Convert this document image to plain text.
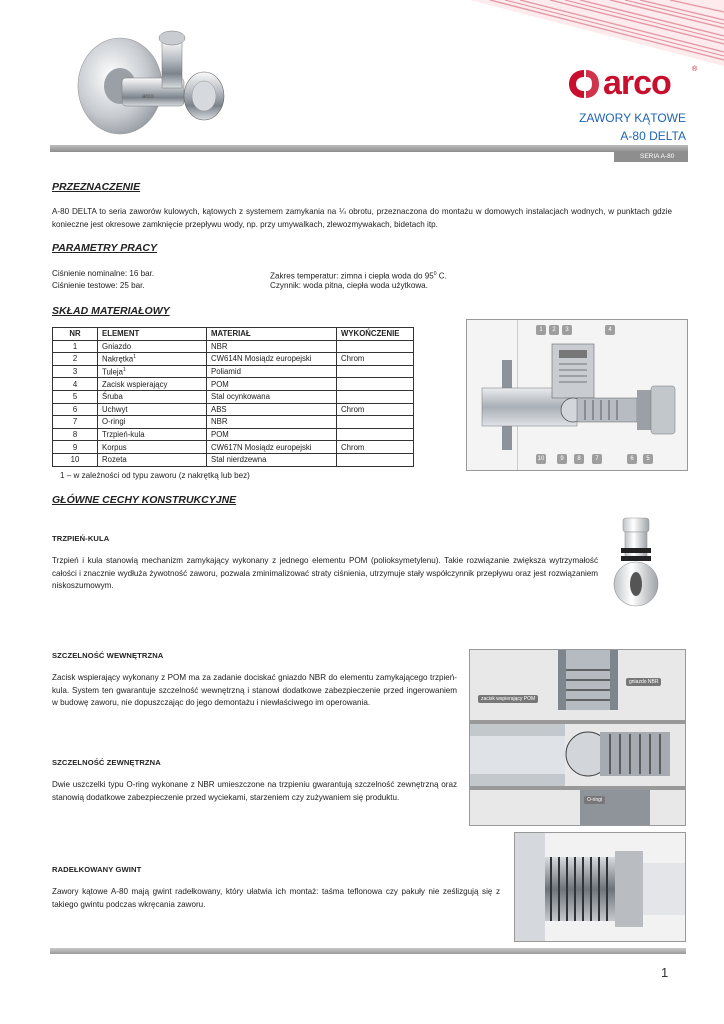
arco	arco	®
ZAWORY KĄTOWE
A-80 DELTA
SERIA A-80
PRZEZNACZENIE
A-80 DELTA to seria zaworów kulowych, kątowych z systemem zamykania na ¼ obrotu, przeznaczona do montażu w domowych instalacjach wodnych, w punktach gdzie konieczne jest okresowe zamknięcie przepływu wody, np. przy umywalkach, zlewozmywakach, bidetach itp.
PARAMETRY PRACY
Ciśnienie nominalne: 16 bar.
Ciśnienie testowe: 25 bar.
Zakres temperatur: zimna i ciepła woda do $95^0$ C.
Czynnik: woda pitna, ciepła woda użytkowa.
SKŁAD MATERIAŁOWY
NR	ELEMENT	MATERIAŁ	WYKOŃCZENIE
1	Gniazdo	NBR	
2	Nakrętka$^1$	CW614N Mosiądz europejski	Chrom
3	Tuleja$^1$	Poliamid	
4	Zacisk wspierający	POM	
5	Śruba	Stal ocynkowana	
6	Uchwyt	ABS	Chrom
7	O-ringi	NBR	
8	Trzpień-kula	POM	
9	Korpus	CW617N Mosiądz europejski	Chrom
10	Rozeta	Stal nierdzewna	
1 – w zależności od typu zaworu (z nakrętką lub bez)
1	2	3	4
10	9	8	7	6	5
GŁÓWNE CECHY KONSTRUKCYJNE
TRZPIEŃ-KULA
Trzpień i kula stanowią mechanizm zamykający wykonany z jednego elementu POM (polioksymetylenu). Takie rozwiązanie zwiększa wytrzymałość całości i znacznie wydłuża żywotność zaworu, pozwala zminimalizować straty ciśnienia, utrzymuje stały współczynnik przepływu oraz jest rozwiązaniem niskoszumowym.
SZCZELNOŚĆ WEWNĘTRZNA
Zacisk wspierający wykonany z POM ma za zadanie dociskać gniazdo NBR do elementu zamykającego trzpień-kula. System ten gwarantuje szczelność wewnętrzną i stanowi dodatkowe zabezpieczenie przed ingerowaniem w budowę zaworu, nie dopuszczając do jego demontażu i niewłaściwego im operowania.
SZCZELNOŚĆ ZEWNĘTRZNA
Dwie uszczelki typu O-ring wykonane z NBR umieszczone na trzpieniu gwarantują szczelność zewnętrzną oraz stanowią dodatkowe zabezpieczenie przed wyciekami, starzeniem czy zużywaniem się produktu.
gniazdo NBR
zacisk wspierający POM
O-ringi
RADEŁKOWANY GWINT
Zawory kątowe A-80 mają gwint radełkowany, który ułatwia ich montaż: taśma teflonowa czy pakuły nie ześlizgują się z takiego gwintu podczas wkręcania zaworu.
1
